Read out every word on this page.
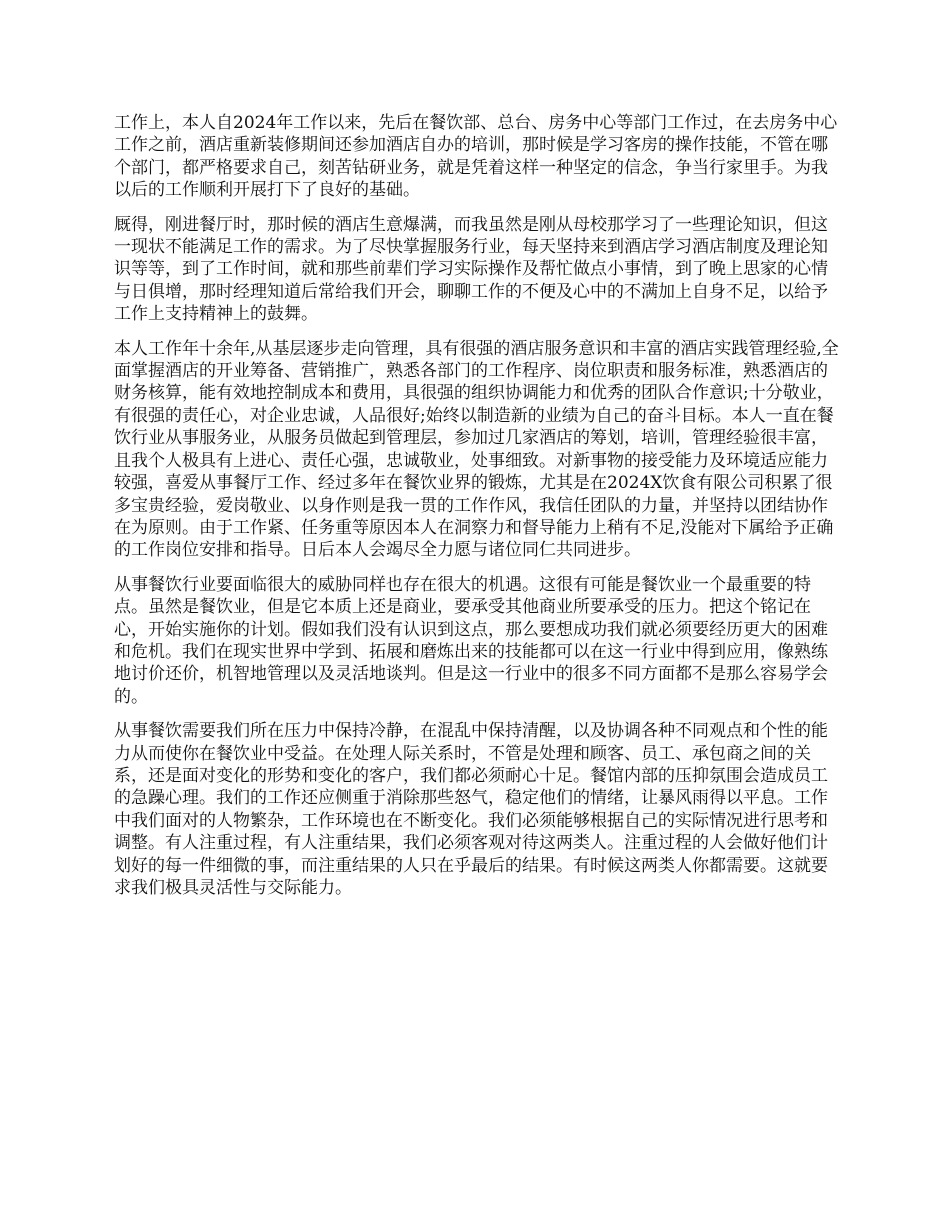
工作上，本人自2024年工作以来，先后在餐饮部、总台、房务中心等部门工作过，在去房务中心工作之前，酒店重新装修期间还参加酒店自办的培训，那时候是学习客房的操作技能，不管在哪个部门，都严格要求自己，刻苦钻研业务，就是凭着这样一种坚定的信念，争当行家里手。为我以后的工作顺利开展打下了良好的基础。

厩得，刚进餐厅时，那时候的酒店生意爆满，而我虽然是刚从母校那学习了一些理论知识，但这一现状不能满足工作的需求。为了尽快掌握服务行业，每天坚持来到酒店学习酒店制度及理论知识等等，到了工作时间，就和那些前辈们学习实际操作及帮忙做点小事情，到了晚上思家的心情与日俱增，那时经理知道后常给我们开会，聊聊工作的不便及心中的不满加上自身不足，以给予工作上支持精神上的鼓舞。

本人工作年十余年,从基层逐步走向管理，具有很强的酒店服务意识和丰富的酒店实践管理经验,全面掌握酒店的开业筹备、营销推广，熟悉各部门的工作程序、岗位职责和服务标准，熟悉酒店的财务核算，能有效地控制成本和费用，具很强的组织协调能力和优秀的团队合作意识;十分敬业，有很强的责任心，对企业忠诚，人品很好;始终以制造新的业绩为自己的奋斗目标。本人一直在餐饮行业从事服务业，从服务员做起到管理层，参加过几家酒店的筹划，培训，管理经验很丰富，且我个人极具有上进心、责任心强，忠诚敬业，处事细致。对新事物的接受能力及环境适应能力较强，喜爱从事餐厅工作、经过多年在餐饮业界的锻炼，尤其是在2024X饮食有限公司积累了很多宝贵经验，爱岗敬业、以身作则是我一贯的工作作风，我信任团队的力量，并坚持以团结协作在为原则。由于工作紧、任务重等原因本人在洞察力和督导能力上稍有不足,没能对下属给予正确的工作岗位安排和指导。日后本人会竭尽全力愿与诸位同仁共同进步。

从事餐饮行业要面临很大的威胁同样也存在很大的机遇。这很有可能是餐饮业一个最重要的特点。虽然是餐饮业，但是它本质上还是商业，要承受其他商业所要承受的压力。把这个铭记在心，开始实施你的计划。假如我们没有认识到这点，那么要想成功我们就必须要经历更大的困难和危机。我们在现实世界中学到、拓展和磨炼出来的技能都可以在这一行业中得到应用，像熟练地讨价还价，机智地管理以及灵活地谈判。但是这一行业中的很多不同方面都不是那么容易学会的。

从事餐饮需要我们所在压力中保持冷静，在混乱中保持清醒，以及协调各种不同观点和个性的能力从而使你在餐饮业中受益。在处理人际关系时，不管是处理和顾客、员工、承包商之间的关系，还是面对变化的形势和变化的客户，我们都必须耐心十足。餐馆内部的压抑氛围会造成员工的急躁心理。我们的工作还应侧重于消除那些怒气，稳定他们的情绪，让暴风雨得以平息。工作中我们面对的人物繁杂，工作环境也在不断变化。我们必须能够根据自己的实际情况进行思考和调整。有人注重过程，有人注重结果，我们必须客观对待这两类人。注重过程的人会做好他们计划好的每一件细微的事，而注重结果的人只在乎最后的结果。有时候这两类人你都需要。这就要求我们极具灵活性与交际能力。
